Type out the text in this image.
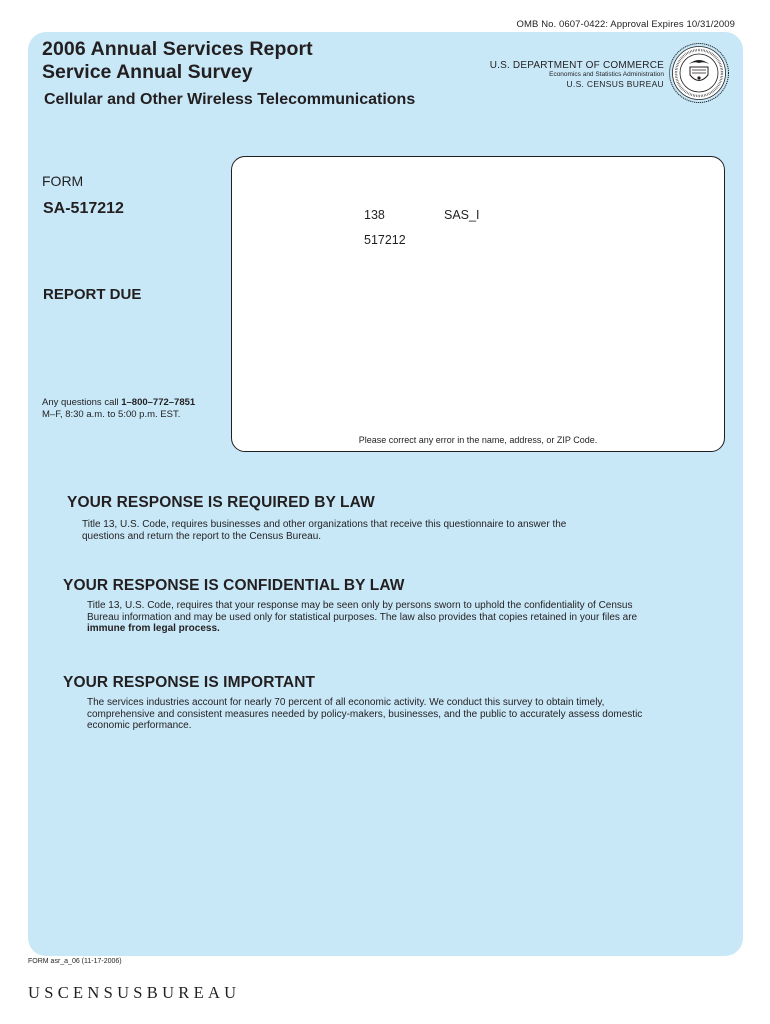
OMB No. 0607-0422: Approval Expires 10/31/2009
2006 Annual Services Report
Service Annual Survey
Cellular and Other Wireless Telecommunications
U.S. DEPARTMENT OF COMMERCE
Economics and Statistics Administration
U.S. CENSUS BUREAU
FORM
SA-517212
REPORT DUE
Any questions call 1–800–772–7851
M–F, 8:30 a.m. to 5:00 p.m. EST.
138	SAS_I
517212
Please correct any error in the name, address, or ZIP Code.
YOUR RESPONSE IS REQUIRED BY LAW
Title 13, U.S. Code, requires businesses and other organizations that receive this questionnaire to answer the
questions and return the report to the Census Bureau.
YOUR RESPONSE IS CONFIDENTIAL BY LAW
Title 13, U.S. Code, requires that your response may be seen only by persons sworn to uphold the confidentiality of Census
Bureau information and may be used only for statistical purposes. The law also provides that copies retained in your files are
immune from legal process.
YOUR RESPONSE IS IMPORTANT
The services industries account for nearly 70 percent of all economic activity. We conduct this survey to obtain timely,
comprehensive and consistent measures needed by policy-makers, businesses, and the public to accurately assess domestic
economic performance.
FORM asr_a_06 (11-17-2006)
USCENSUSBUREAU
